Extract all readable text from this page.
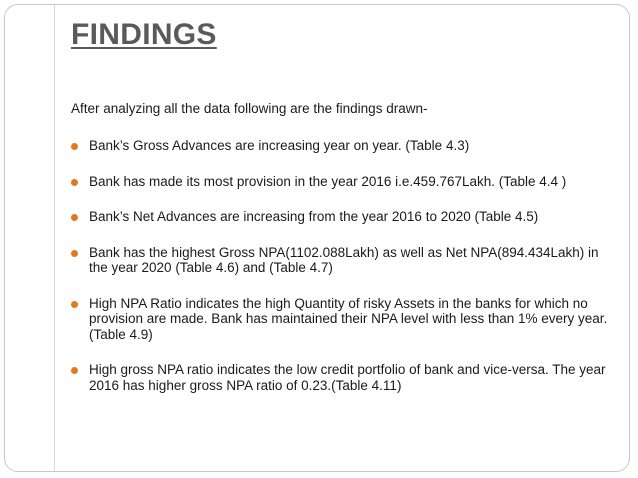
FINDINGS

After analyzing all the data following are the findings drawn-

Bank’s Gross Advances are increasing year on year. (Table 4.3)
Bank has made its most provision in the year 2016 i.e.459.767Lakh. (Table 4.4 )
Bank’s Net Advances are increasing from the year 2016 to 2020 (Table 4.5)
Bank has the highest Gross NPA(1102.088Lakh) as well as Net NPA(894.434Lakh) in the year 2020 (Table 4.6) and (Table 4.7)
High NPA Ratio indicates the high Quantity of risky Assets in the banks for which no provision are made. Bank has maintained their NPA level with less than 1% every year. (Table 4.9)
High gross NPA ratio indicates the low credit portfolio of bank and vice-versa. The year 2016 has higher gross NPA ratio of 0.23.(Table 4.11)
